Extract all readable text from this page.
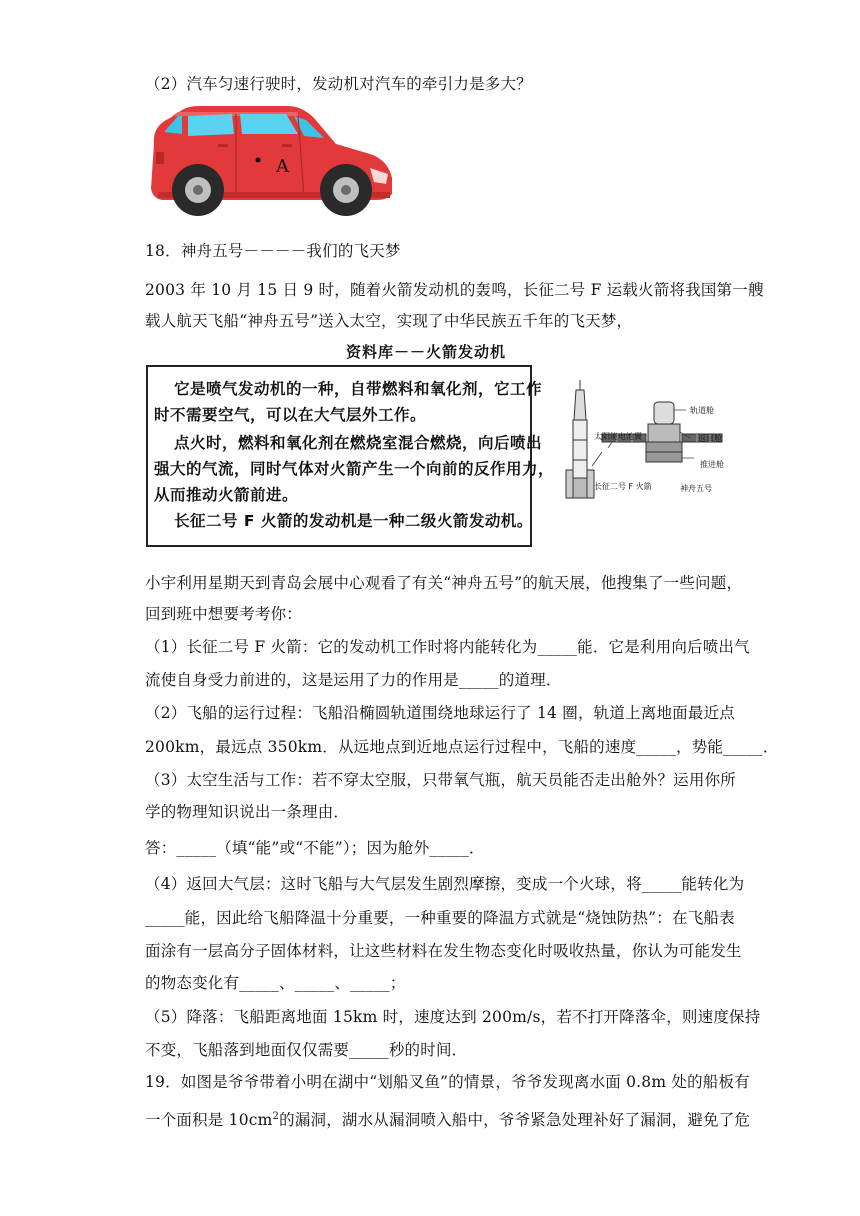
（2）汽车匀速行驶时，发动机对汽车的牵引力是多大？
A
18．神舟五号－－－－我们的飞天梦
2003 年 10 月 15 日 9 时，随着火箭发动机的轰鸣，长征二号 F 运载火箭将我国第一艘
载人航天飞船“神舟五号”送入太空，实现了中华民族五千年的飞天梦，
资料库－－火箭发动机

它是喷气发动机的一种，自带燃料和氧化剂，它工作

时不需要空气，可以在大气层外工作。

点火时，燃料和氧化剂在燃烧室混合燃烧，向后喷出

强大的气流，同时气体对火箭产生一个向前的反作用力，

从而推动火箭前进。

长征二号 F 火箭的发动机是一种二级火箭发动机。

轨道舱
太阳能电池翼	返回舱
推进舱
长征二号 F 火箭	神舟五号
小宇利用星期天到青岛会展中心观看了有关“神舟五号”的航天展，他搜集了一些问题，
回到班中想要考考你：
（1）长征二号 F 火箭：它的发动机工作时将内能转化为_____能．它是利用向后喷出气
流使自身受力前进的，这是运用了力的作用是_____的道理．
（2）飞船的运行过程：飞船沿椭圆轨道围绕地球运行了 14 圈，轨道上离地面最近点
200km，最远点 350km．从远地点到近地点运行过程中，飞船的速度_____，势能_____．
（3）太空生活与工作：若不穿太空服，只带氧气瓶，航天员能否走出舱外？运用你所
学的物理知识说出一条理由．
答：_____（填“能”或“不能”）；因为舱外_____．
（4）返回大气层：这时飞船与大气层发生剧烈摩擦，变成一个火球，将_____能转化为
_____能，因此给飞船降温十分重要，一种重要的降温方式就是“烧蚀防热”：在飞船表
面涂有一层高分子固体材料，让这些材料在发生物态变化时吸收热量，你认为可能发生
的物态变化有_____、_____、_____；
（5）降落：飞船距离地面 15km 时，速度达到 200m/s，若不打开降落伞，则速度保持
不变，飞船落到地面仅仅需要_____秒的时间．
19．如图是爷爷带着小明在湖中“划船叉鱼”的情景，爷爷发现离水面 0.8m 处的船板有
一个面积是 $10cm^2$的漏洞，湖水从漏洞喷入船中，爷爷紧急处理补好了漏洞，避免了危
